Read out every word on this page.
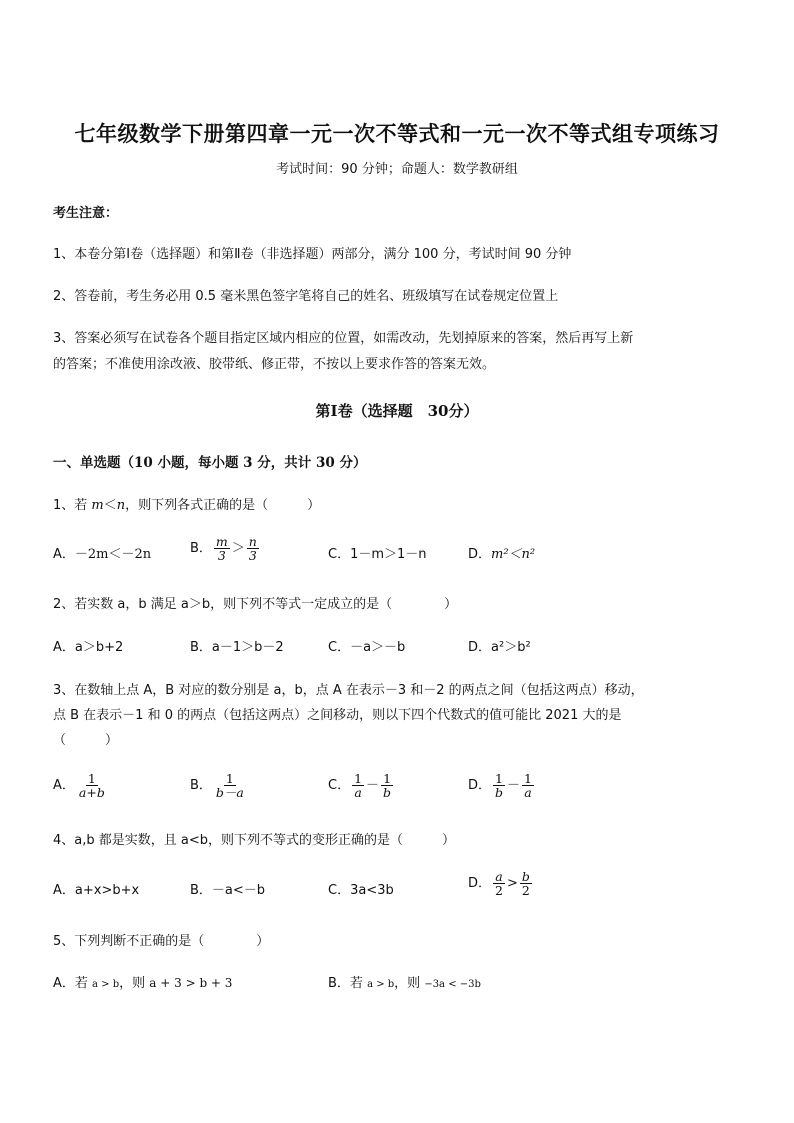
七年级数学下册第四章一元一次不等式和一元一次不等式组专项练习
考试时间：90 分钟；命题人：数学教研组
考生注意：
1、本卷分第Ⅰ卷（选择题）和第Ⅱ卷（非选择题）两部分，满分 100 分，考试时间 90 分钟
2、答卷前，考生务必用 0.5 毫米黑色签字笔将自己的姓名、班级填写在试卷规定位置上
3、答案必须写在试卷各个题目指定区域内相应的位置，如需改动，先划掉原来的答案，然后再写上新
的答案；不准使用涂改液、胶带纸、修正带，不按以上要求作答的答案无效。
第Ⅰ卷（选择题　30分）
一、单选题（10 小题，每小题 3 分，共计 30 分）
1、若 m＜n，则下列各式正确的是（　　　）
A．－2m＜－2n	B． $\frac{m}{3} > \frac{n}{3}$	C．1－m＞1－n	D．m²＜n²
2、若实数 a，b 满足 a＞b，则下列不等式一定成立的是（　　　　）
A．a＞b+2	B．a－1＞b－2	C．－a＞－b	D．a²＞b²
3、在数轴上点 A，B 对应的数分别是 a，b，点 A 在表示－3 和－2 的两点之间（包括这两点）移动，
点 B 在表示－1 和 0 的两点（包括这两点）之间移动，则以下四个代数式的值可能比 2021 大的是
（　　　）
A． $\frac{1}{a+b}$	B． $\frac{1}{b-a}$	C． $\frac{1}{a} - \frac{1}{b}$	D． $\frac{1}{b} - \frac{1}{a}$
4、a,b 都是实数，且 a<b，则下列不等式的变形正确的是（　　　）
A．a+x>b+x	B．－a<－b	C．3a<3b	D． $\frac{a}{2} > \frac{b}{2}$
5、下列判断不正确的是（　　　　）
A．若 a > b，则 a + 3 > b + 3	B．若 a > b，则 −3a < −3b
